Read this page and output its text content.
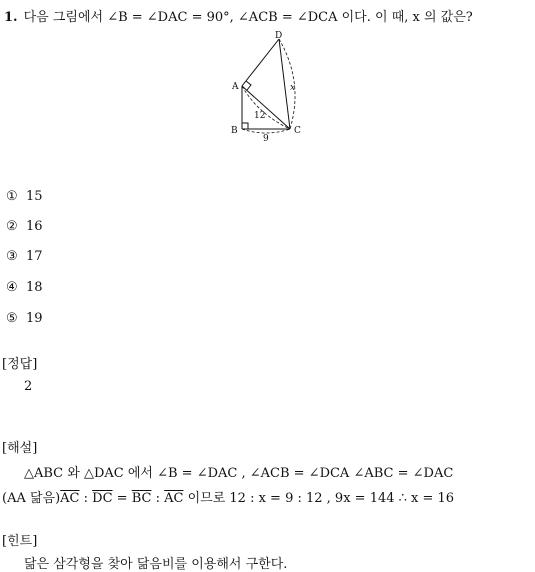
1. 다음 그림에서 ∠B = ∠DAC = 90°, ∠ACB = ∠DCA 이다. 이 때, x 의 값은?
D
A
B	C
12
9
x
① 15
② 16
③ 17
④ 18
⑤ 19
[정답]
2
[해설]
△ABC 와 △DAC 에서 ∠B = ∠DAC , ∠ACB = ∠DCA ∠ABC = ∠DAC
(AA 닮음)$\overline{AC}$ : $\overline{DC} = \overline{BC}$ : $\overline{AC}$ 이므로 12 : x = 9 : 12 , 9x = 144 ∴ x = 16
[힌트]
닮은 삼각형을 찾아 닮음비를 이용해서 구한다.
